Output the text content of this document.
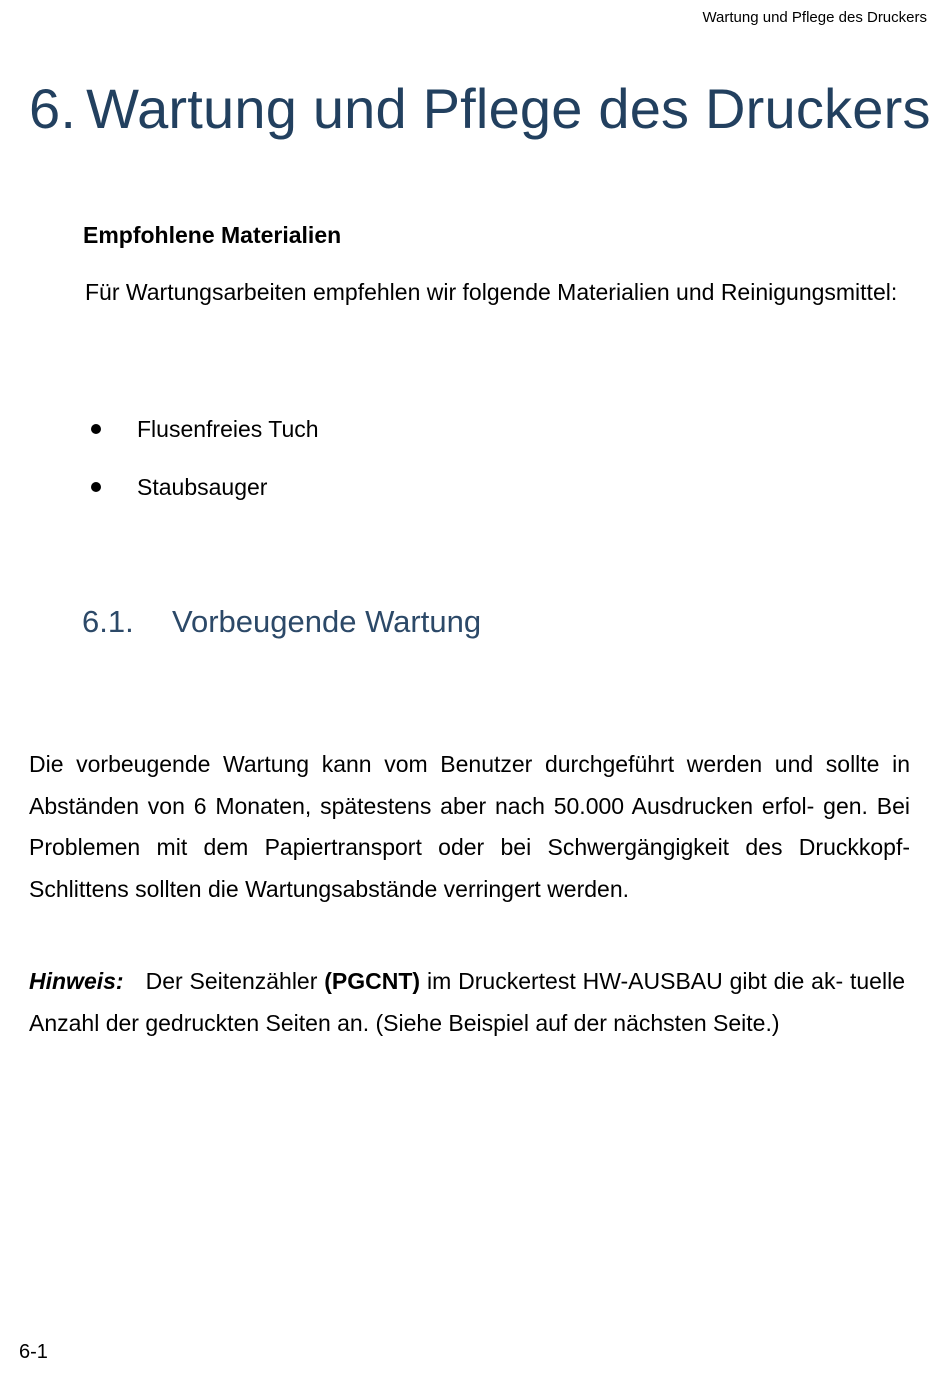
Wartung und Pflege des Druckers
6. Wartung und Pflege des Druckers
Empfohlene Materialien

Für Wartungsarbeiten empfehlen wir folgende Materialien und Reinigungsmittel:

Flusenfreies Tuch
Staubsauger
6.1. Vorbeugende Wartung

Die vorbeugende Wartung kann vom Benutzer durchgeführt werden und sollte in Abständen von 6 Monaten, spätestens aber nach 50.000 Ausdrucken erfol- gen. Bei Problemen mit dem Papiertransport oder bei Schwergängigkeit des Druckkopf-Schlittens sollten die Wartungsabstände verringert werden.

Hinweis: Der Seitenzähler (PGCNT) im Druckertest HW-AUSBAU gibt die ak- tuelle Anzahl der gedruckten Seiten an. (Siehe Beispiel auf der nächsten Seite.)

6-1
